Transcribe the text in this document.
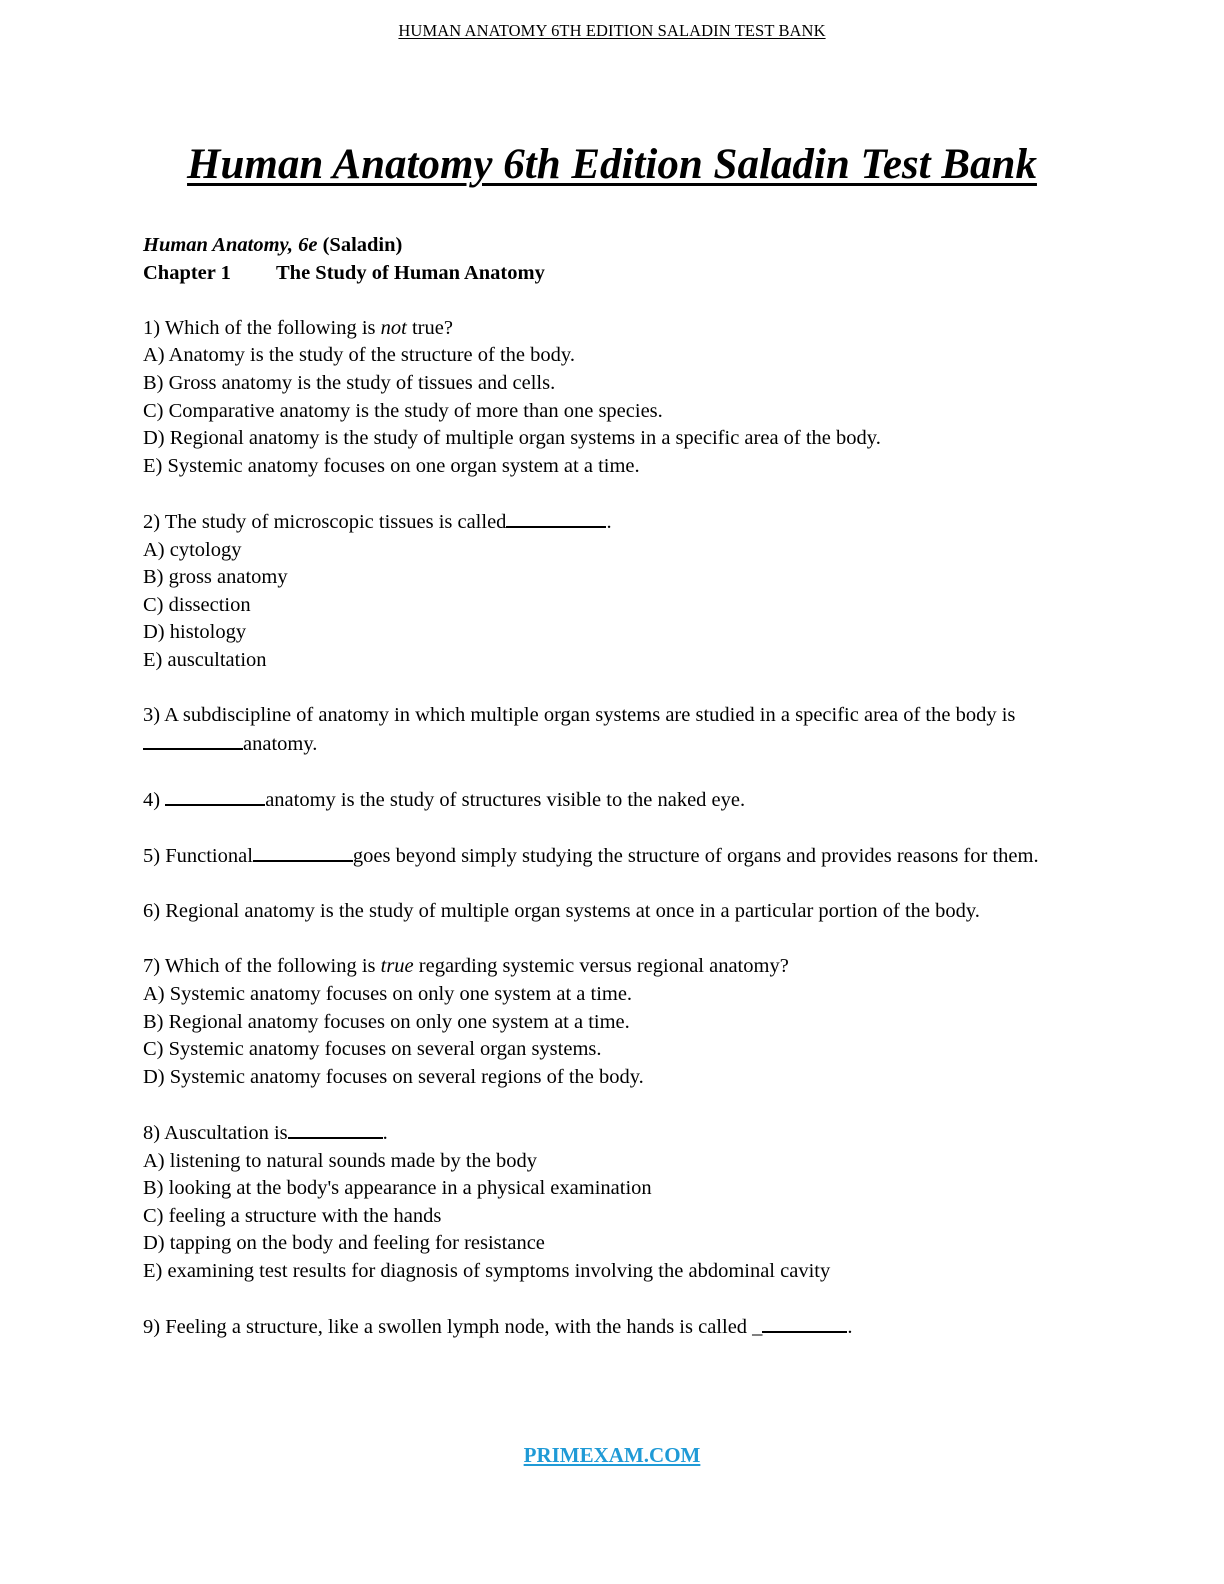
HUMAN ANATOMY 6TH EDITION SALADIN TEST BANK
Human Anatomy 6th Edition Saladin Test Bank
Human Anatomy, 6e (Saladin)
Chapter 1 The Study of Human Anatomy
1) Which of the following is not true?
A) Anatomy is the study of the structure of the body.
B) Gross anatomy is the study of tissues and cells.
C) Comparative anatomy is the study of more than one species.
D) Regional anatomy is the study of multiple organ systems in a specific area of the body.
E) Systemic anatomy focuses on one organ system at a time.
2) The study of microscopic tissues is called	.
A) cytology
B) gross anatomy
C) dissection
D) histology
E) auscultation
3) A subdiscipline of anatomy in which multiple organ systems are studied in a specific area of the body isanatomy.
4)	anatomy is the study of structures visible to the naked eye.
5) Functional	goes beyond simply studying the structure of organs and provides reasons for them.
6) Regional anatomy is the study of multiple organ systems at once in a particular portion of the body.
7) Which of the following is true regarding systemic versus regional anatomy?
A) Systemic anatomy focuses on only one system at a time.
B) Regional anatomy focuses on only one system at a time.
C) Systemic anatomy focuses on several organ systems.
D) Systemic anatomy focuses on several regions of the body.
8) Auscultation is	.
A) listening to natural sounds made by the body
B) looking at the body's appearance in a physical examination
C) feeling a structure with the hands
D) tapping on the body and feeling for resistance
E) examining test results for diagnosis of symptoms involving the abdominal cavity
9) Feeling a structure, like a swollen lymph node, with the hands is called _	.
PRIMEXAM.COM
